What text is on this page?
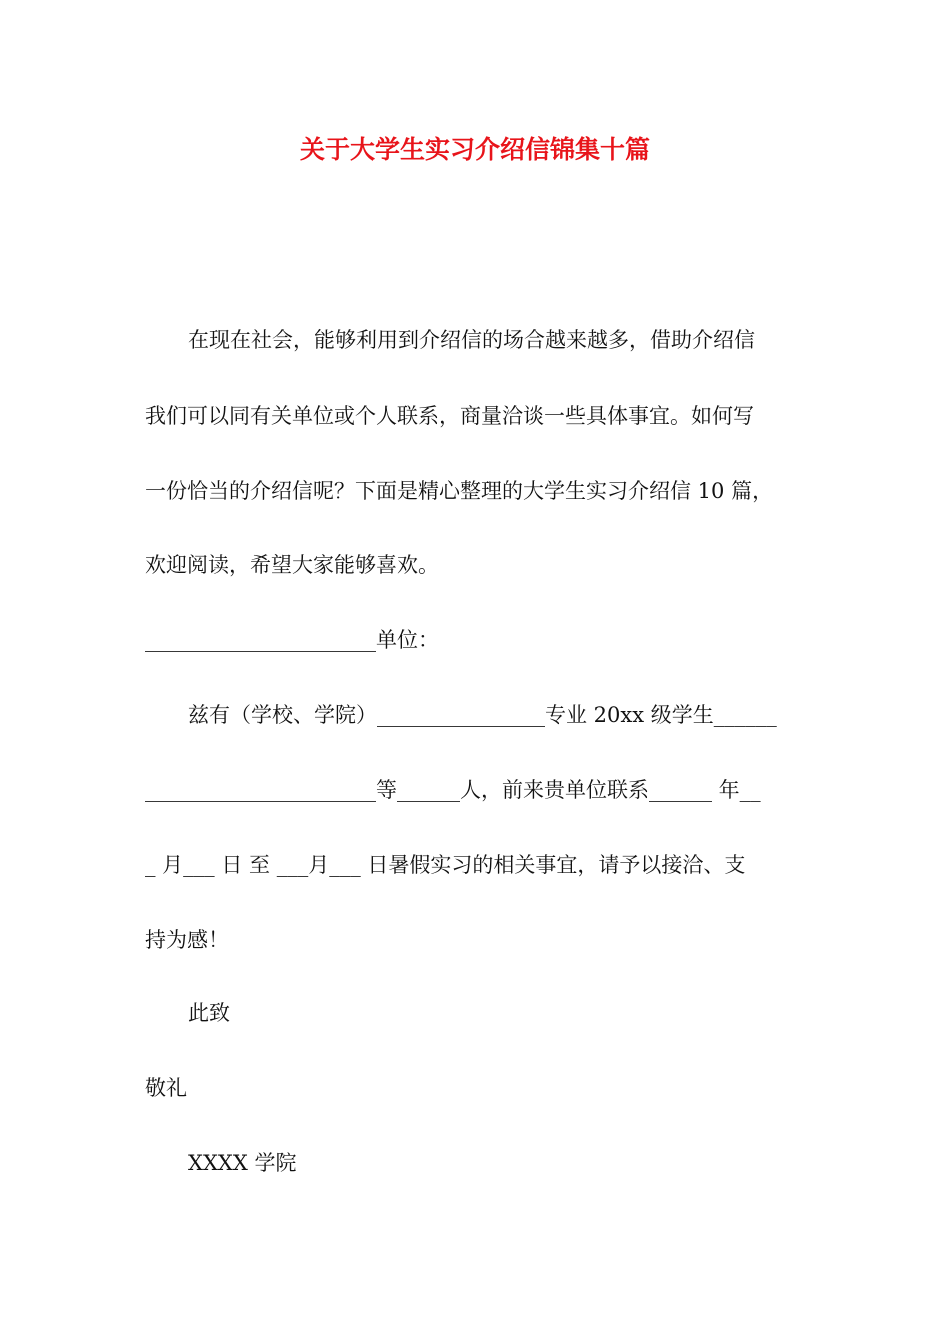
关于大学生实习介绍信锦集十篇
在现在社会，能够利用到介绍信的场合越来越多，借助介绍信
我们可以同有关单位或个人联系，商量洽谈一些具体事宜。如何写
一份恰当的介绍信呢？下面是精心整理的大学生实习介绍信 10 篇，
欢迎阅读，希望大家能够喜欢。
______________________单位：
兹有（学校、学院）________________专业 20xx 级学生______
______________________等______人，前来贵单位联系______ 年__
_ 月___ 日 至 ___月___ 日暑假实习的相关事宜，请予以接洽、支
持为感！
此致
敬礼
XXXX 学院
